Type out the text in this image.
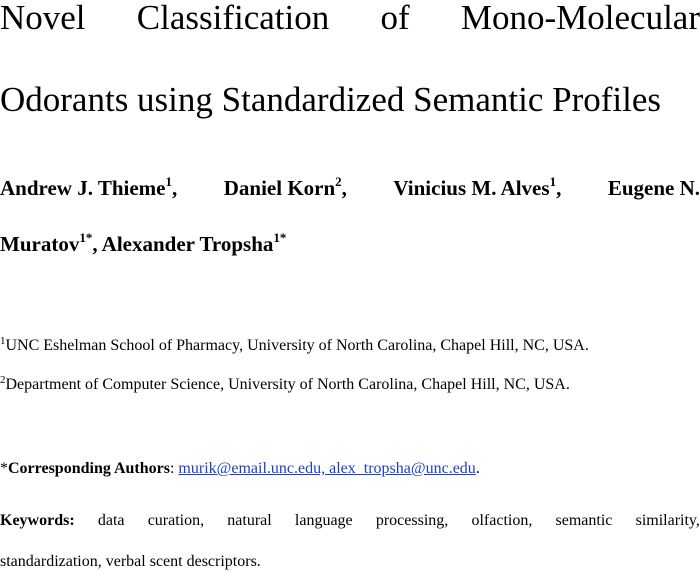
Novel Classification of Mono-Molecular
Odorants using Standardized Semantic Profiles
Andrew J. Thieme$^1$, Daniel Korn$^2$, Vinicius M. Alves$^1$, Eugene N.
Muratov$^{1*}$, Alexander Tropsha$^{1*}$
$^1$UNC Eshelman School of Pharmacy, University of North Carolina, Chapel Hill, NC, USA.
$^2$Department of Computer Science, University of North Carolina, Chapel Hill, NC, USA.
*Corresponding Authors: murik@email.unc.edu, alex_tropsha@unc.edu.
Keywords: data curation, natural language processing, olfaction, semantic similarity,
standardization, verbal scent descriptors.
